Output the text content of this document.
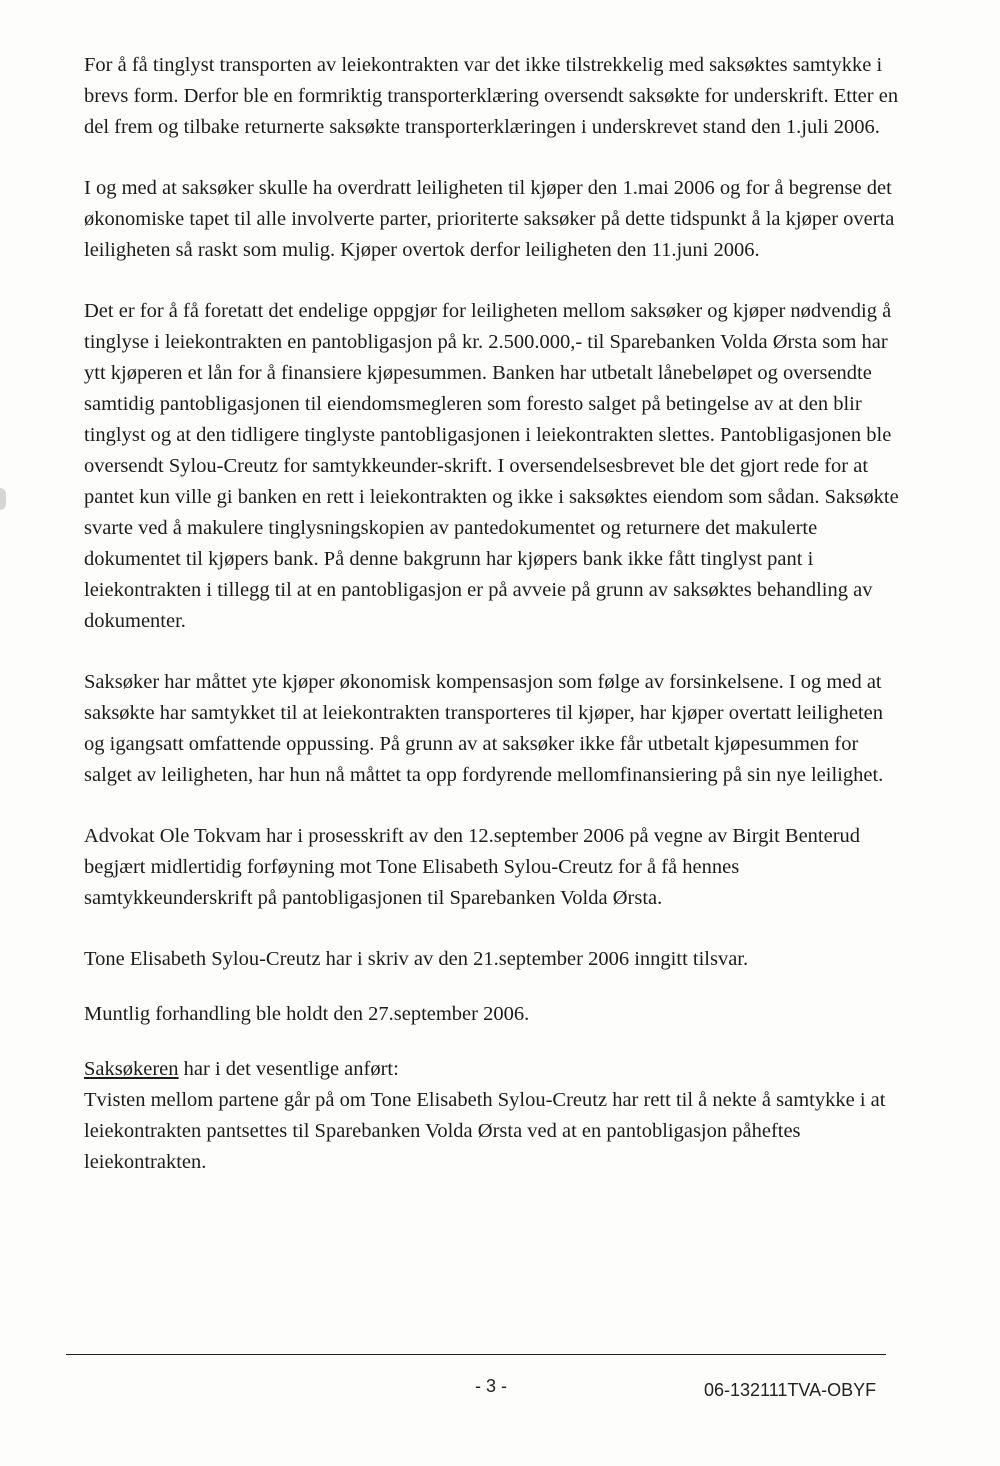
For å få tinglyst transporten av leiekontrakten var det ikke tilstrekkelig med saksøktes samtykke i brevs form. Derfor ble en formriktig transporterklæring oversendt saksøkte for underskrift. Etter en del frem og tilbake returnerte saksøkte transporterklæringen i underskrevet stand den 1.juli 2006.

I og med at saksøker skulle ha overdratt leiligheten til kjøper den 1.mai 2006 og for å begrense det økonomiske tapet til alle involverte parter, prioriterte saksøker på dette tidspunkt å la kjøper overta leiligheten så raskt som mulig. Kjøper overtok derfor leiligheten den 11.juni 2006.

Det er for å få foretatt det endelige oppgjør for leiligheten mellom saksøker og kjøper nødvendig å tinglyse i leiekontrakten en pantobligasjon på kr. 2.500.000,- til Sparebanken Volda Ørsta som har ytt kjøperen et lån for å finansiere kjøpesummen. Banken har utbetalt lånebeløpet og oversendte samtidig pantobligasjonen til eiendomsmegleren som foresto salget på betingelse av at den blir tinglyst og at den tidligere tinglyste pantobligasjonen i leiekontrakten slettes. Pantobligasjonen ble oversendt Sylou-Creutz for samtykkeunder-skrift. I oversendelsesbrevet ble det gjort rede for at pantet kun ville gi banken en rett i leiekontrakten og ikke i saksøktes eiendom som sådan. Saksøkte svarte ved å makulere tinglysningskopien av pantedokumentet og returnere det makulerte dokumentet til kjøpers bank. På denne bakgrunn har kjøpers bank ikke fått tinglyst pant i leiekontrakten i tillegg til at en pantobligasjon er på avveie på grunn av saksøktes behandling av dokumenter.

Saksøker har måttet yte kjøper økonomisk kompensasjon som følge av forsinkelsene. I og med at saksøkte har samtykket til at leiekontrakten transporteres til kjøper, har kjøper overtatt leiligheten og igangsatt omfattende oppussing. På grunn av at saksøker ikke får utbetalt kjøpesummen for salget av leiligheten, har hun nå måttet ta opp fordyrende mellomfinansiering på sin nye leilighet.

Advokat Ole Tokvam har i prosesskrift av den 12.september 2006 på vegne av Birgit Benterud begjært midlertidig forføyning mot Tone Elisabeth Sylou-Creutz for å få hennes samtykkeunderskrift på pantobligasjonen til Sparebanken Volda Ørsta.

Tone Elisabeth Sylou-Creutz har i skriv av den 21.september 2006 inngitt tilsvar.

Muntlig forhandling ble holdt den 27.september 2006.

Saksøkeren har i det vesentlige anført:

Tvisten mellom partene går på om Tone Elisabeth Sylou-Creutz har rett til å nekte å samtykke i at leiekontrakten pantsettes til Sparebanken Volda Ørsta ved at en pantobligasjon påheftes leiekontrakten.

- 3 -	06-132111TVA-OBYF
